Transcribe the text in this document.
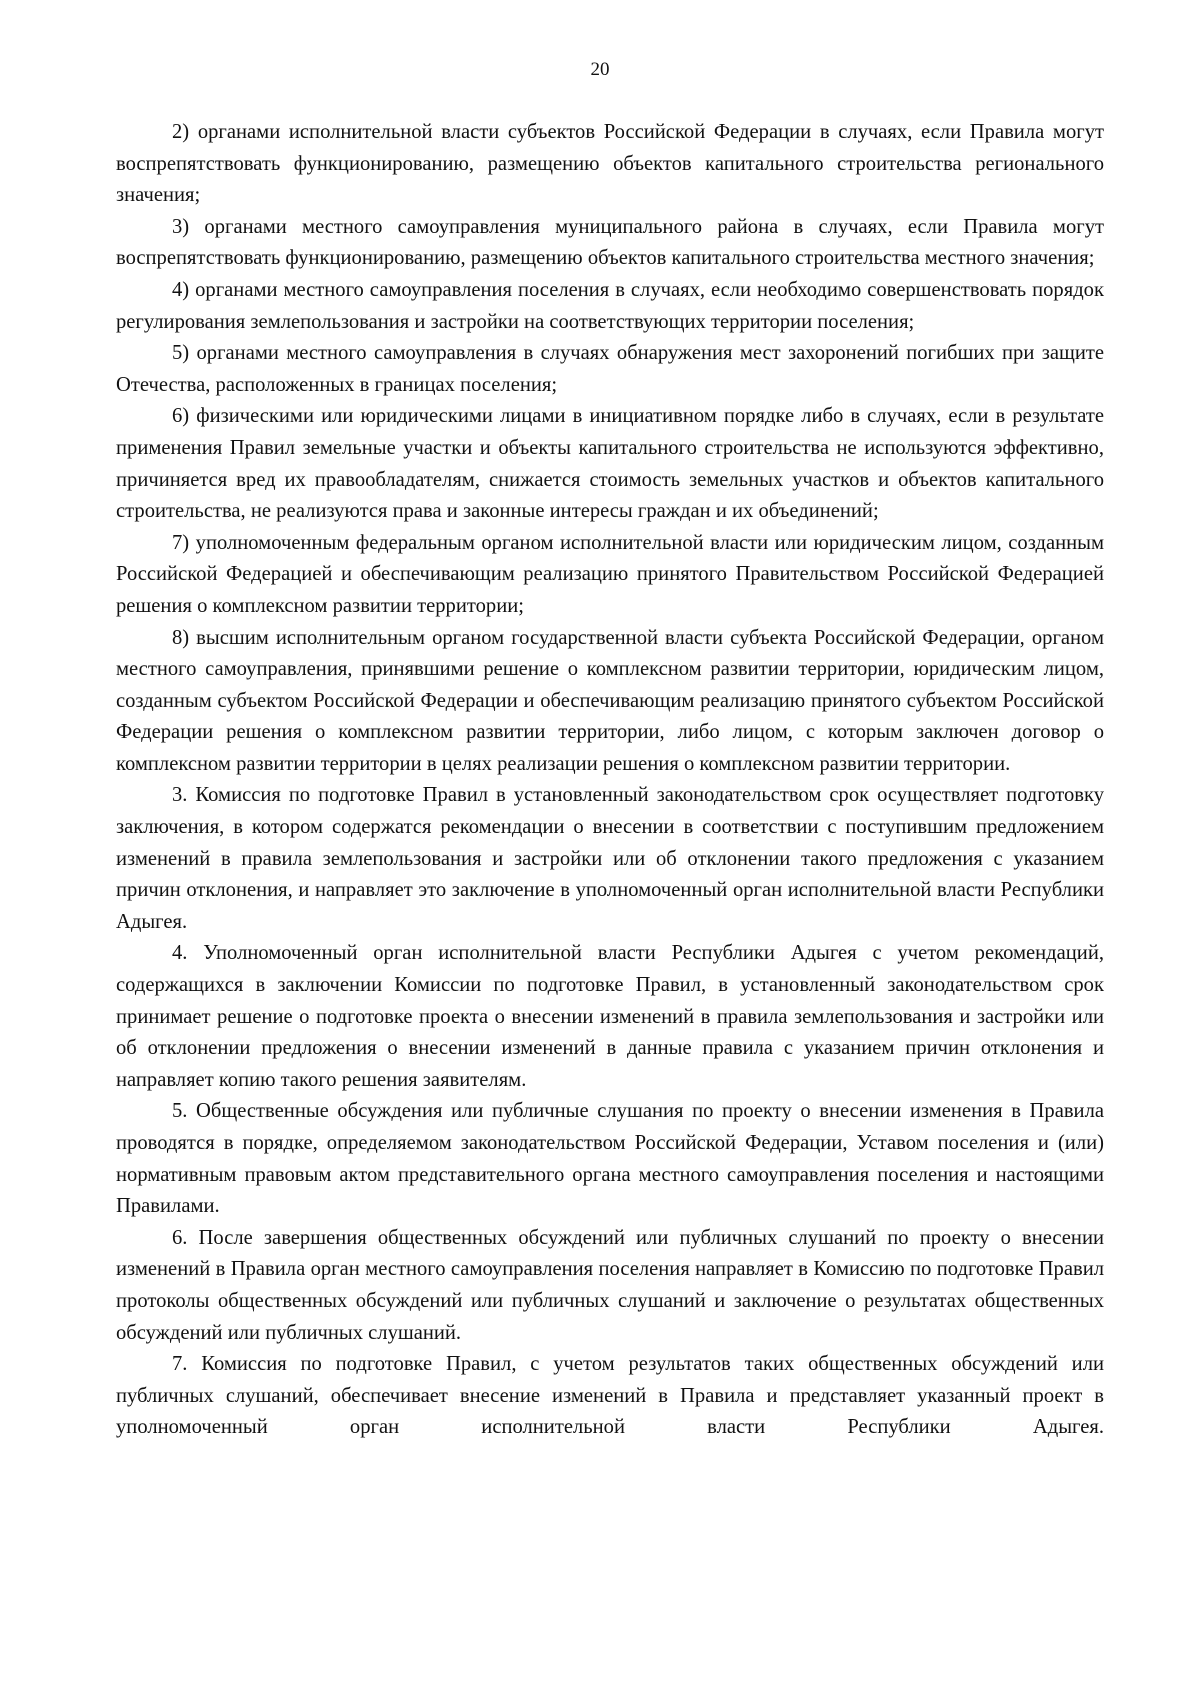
20

2) органами исполнительной власти субъектов Российской Федерации в случаях, если Правила могут воспрепятствовать функционированию, размещению объектов капитального строительства регионального значения;

3) органами местного самоуправления муниципального района в случаях, если Правила могут воспрепятствовать функционированию, размещению объектов капитального строительства местного значения;

4) органами местного самоуправления поселения в случаях, если необходимо совершенствовать порядок регулирования землепользования и застройки на соответствующих территории поселения;

5) органами местного самоуправления в случаях обнаружения мест захоронений погибших при защите Отечества, расположенных в границах поселения;

6) физическими или юридическими лицами в инициативном порядке либо в случаях, если в результате применения Правил земельные участки и объекты капитального строительства не используются эффективно, причиняется вред их правообладателям, снижается стоимость земельных участков и объектов капитального строительства, не реализуются права и законные интересы граждан и их объединений;

7) уполномоченным федеральным органом исполнительной власти или юридическим лицом, созданным Российской Федерацией и обеспечивающим реализацию принятого Правительством Российской Федерацией решения о комплексном развитии территории;

8) высшим исполнительным органом государственной власти субъекта Российской Федерации, органом местного самоуправления, принявшими решение о комплексном развитии территории, юридическим лицом, созданным субъектом Российской Федерации и обеспечивающим реализацию принятого субъектом Российской Федерации решения о комплексном развитии территории, либо лицом, с которым заключен договор о комплексном развитии территории в целях реализации решения о комплексном развитии территории.

3. Комиссия по подготовке Правил в установленный законодательством срок осуществляет подготовку заключения, в котором содержатся рекомендации о внесении в соответствии с поступившим предложением изменений в правила землепользования и застройки или об отклонении такого предложения с указанием причин отклонения, и направляет это заключение в уполномоченный орган исполнительной власти Республики Адыгея.

4. Уполномоченный орган исполнительной власти Республики Адыгея с учетом рекомендаций, содержащихся в заключении Комиссии по подготовке Правил, в установленный законодательством срок принимает решение о подготовке проекта о внесении изменений в правила землепользования и застройки или об отклонении предложения о внесении изменений в данные правила с указанием причин отклонения и направляет копию такого решения заявителям.

5. Общественные обсуждения или публичные слушания по проекту о внесении изменения в Правила проводятся в порядке, определяемом законодательством Российской Федерации, Уставом поселения и (или) нормативным правовым актом представительного органа местного самоуправления поселения и настоящими Правилами.

6. После завершения общественных обсуждений или публичных слушаний по проекту о внесении изменений в Правила орган местного самоуправления поселения направляет в Комиссию по подготовке Правил протоколы общественных обсуждений или публичных слушаний и заключение о результатах общественных обсуждений или публичных слушаний.

7. Комиссия по подготовке Правил, с учетом результатов таких общественных обсуждений или публичных слушаний, обеспечивает внесение изменений в Правила и представляет указанный проект в уполномоченный орган исполнительной власти Республики Адыгея.
